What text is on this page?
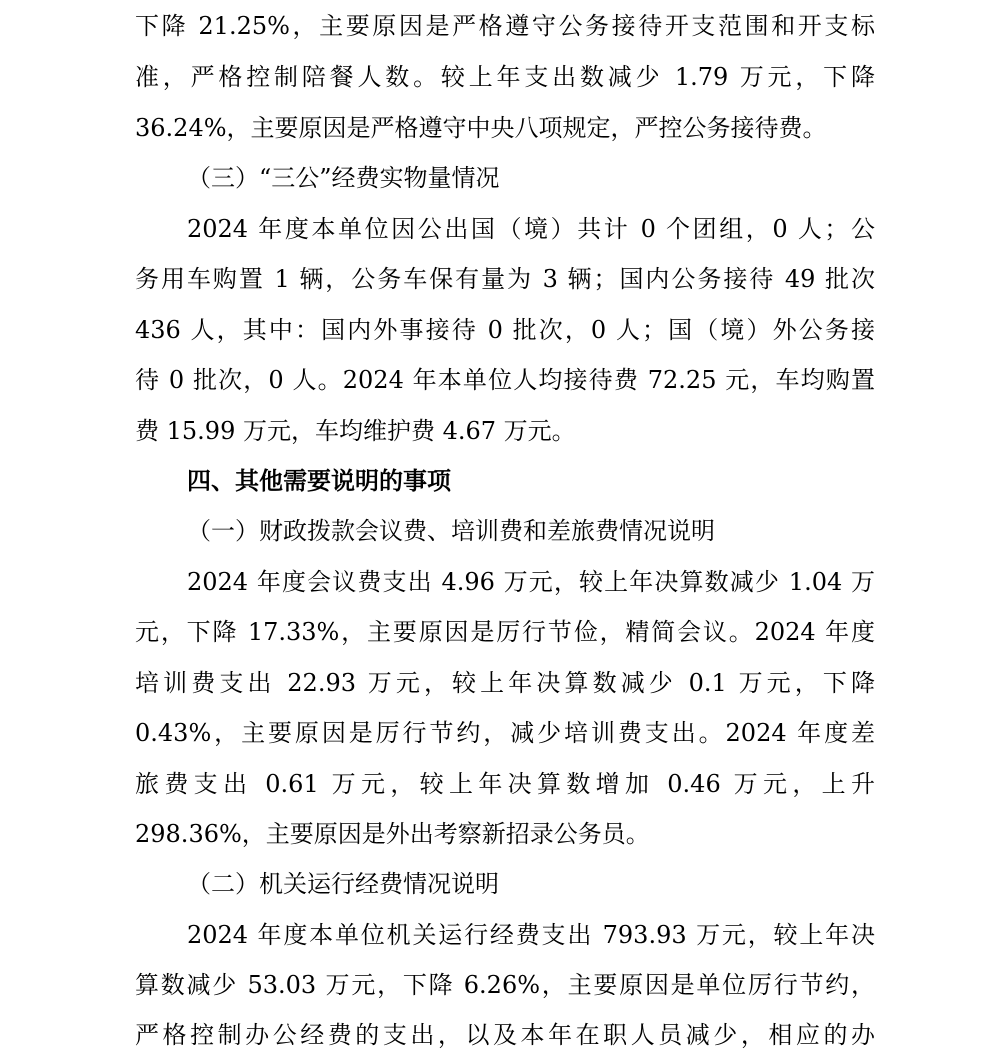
下降 21.25%，主要原因是严格遵守公务接待开支范围和开支标

准，严格控制陪餐人数。较上年支出数减少 1.79 万元，下降

36.24%，主要原因是严格遵守中央八项规定，严控公务接待费。

（三）“三公”经费实物量情况

2024 年度本单位因公出国（境）共计 0 个团组，0 人；公

务用车购置 1 辆，公务车保有量为 3 辆；国内公务接待 49 批次

436 人，其中：国内外事接待 0 批次，0 人；国（境）外公务接

待 0 批次，0 人。2024 年本单位人均接待费 72.25 元，车均购置

费 15.99 万元，车均维护费 4.67 万元。

四、其他需要说明的事项

（一）财政拨款会议费、培训费和差旅费情况说明

2024 年度会议费支出 4.96 万元，较上年决算数减少 1.04 万

元，下降 17.33%，主要原因是厉行节俭，精简会议。2024 年度

培训费支出 22.93 万元，较上年决算数减少 0.1 万元，下降

0.43%，主要原因是厉行节约，减少培训费支出。2024 年度差

旅费支出 0.61 万元，较上年决算数增加 0.46 万元，上升

298.36%，主要原因是外出考察新招录公务员。

（二）机关运行经费情况说明

2024 年度本单位机关运行经费支出 793.93 万元，较上年决

算数减少 53.03 万元，下降 6.26%，主要原因是单位厉行节约，

严格控制办公经费的支出，以及本年在职人员减少，相应的办
